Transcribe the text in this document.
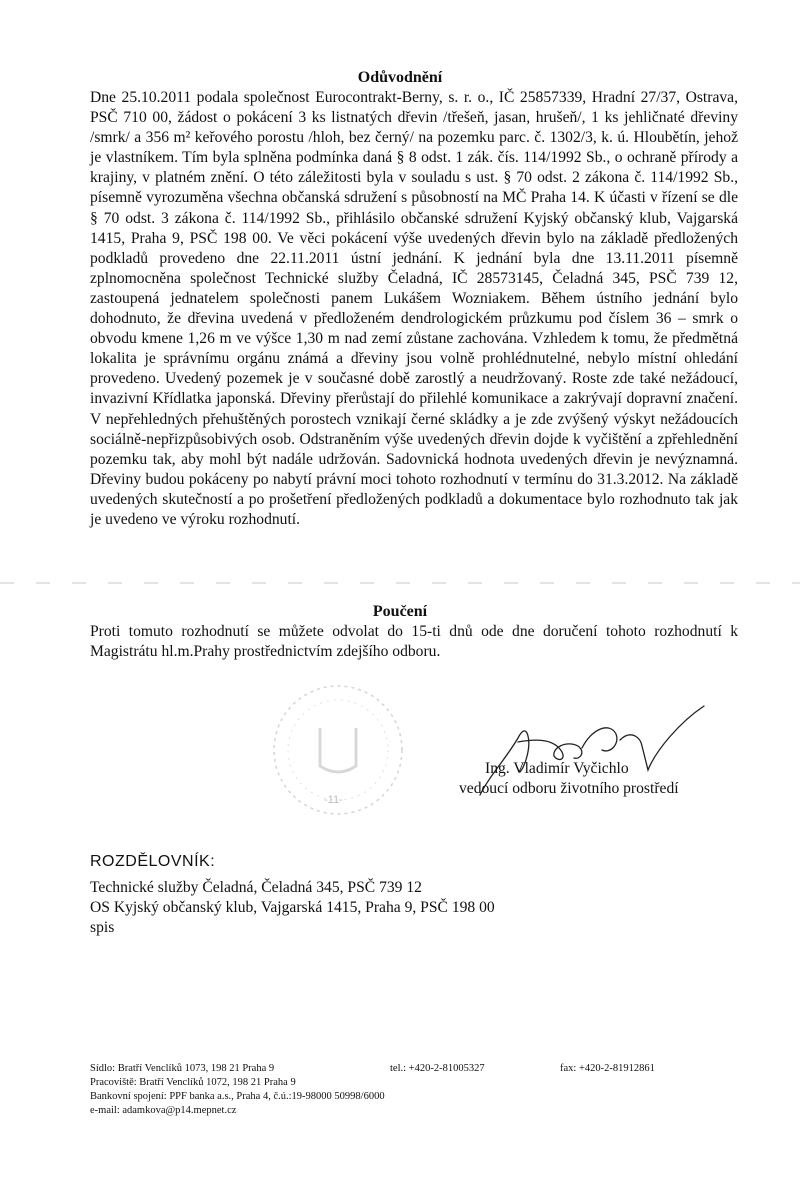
Odůvodnění

Dne 25.10.2011 podala společnost Eurocontrakt-Berny, s. r. o., IČ 25857339, Hradní 27/37, Ostrava, PSČ 710 00, žádost o pokácení 3 ks listnatých dřevin /třešeň, jasan, hrušeň/, 1 ks jehličnaté dřeviny /smrk/ a 356 m² keřového porostu /hloh, bez černý/ na pozemku parc. č. 1302/3, k. ú. Hloubětín, jehož je vlastníkem. Tím byla splněna podmínka daná § 8 odst. 1 zák. čís. 114/1992 Sb., o ochraně přírody a krajiny, v platném znění. O této záležitosti byla v souladu s ust. § 70 odst. 2 zákona č. 114/1992 Sb., písemně vyrozuměna všechna občanská sdružení s působností na MČ Praha 14. K účasti v řízení se dle § 70 odst. 3 zákona č. 114/1992 Sb., přihlásilo občanské sdružení Kyjský občanský klub, Vajgarská 1415, Praha 9, PSČ 198 00. Ve věci pokácení výše uvedených dřevin bylo na základě předložených podkladů provedeno dne 22.11.2011 ústní jednání. K jednání byla dne 13.11.2011 písemně zplnomocněna společnost Technické služby Čeladná, IČ 28573145, Čeladná 345, PSČ 739 12, zastoupená jednatelem společnosti panem Lukášem Wozniakem. Během ústního jednání bylo dohodnuto, že dřevina uvedená v předloženém dendrologickém průzkumu pod číslem 36 – smrk o obvodu kmene 1,26 m ve výšce 1,30 m nad zemí zůstane zachována. Vzhledem k tomu, že předmětná lokalita je správnímu orgánu známá a dřeviny jsou volně prohlédnutelné, nebylo místní ohledání provedeno. Uvedený pozemek je v současné době zarostlý a neudržovaný. Roste zde také nežádoucí, invazivní Křídlatka japonská. Dřeviny přerůstají do přilehlé komunikace a zakrývají dopravní značení. V nepřehledných přehuštěných porostech vznikají černé skládky a je zde zvýšený výskyt nežádoucích sociálně-nepřizpůsobivých osob. Odstraněním výše uvedených dřevin dojde k vyčištění a zpřehlednění pozemku tak, aby mohl být nadále udržován. Sadovnická hodnota uvedených dřevin je nevýznamná. Dřeviny budou pokáceny po nabytí právní moci tohoto rozhodnutí v termínu do 31.3.2012. Na základě uvedených skutečností a po prošetření předložených podkladů a dokumentace bylo rozhodnuto tak jak je uvedeno ve výroku rozhodnutí.

Poučení

Proti tomuto rozhodnutí se můžete odvolat do 15-ti dnů ode dne doručení tohoto rozhodnutí k Magistrátu hl.m.Prahy prostřednictvím zdejšího odboru.

-11-
Ing. Vladimír Vyčichlo
vedoucí odboru životního prostředí
ROZDĚLOVNÍK:
Technické služby Čeladná, Čeladná 345, PSČ 739 12
OS Kyjský občanský klub, Vajgarská 1415, Praha 9, PSČ 198 00
spis
Sídlo: Bratří Venclíků 1073, 198 21 Praha 9	tel.: +420-2-81005327	fax: +420-2-81912861
Pracoviště: Bratří Venclíků 1072, 198 21 Praha 9
Bankovní spojení: PPF banka a.s., Praha 4, č.ú.:19-98000 50998/6000
e-mail: adamkova@p14.mepnet.cz
